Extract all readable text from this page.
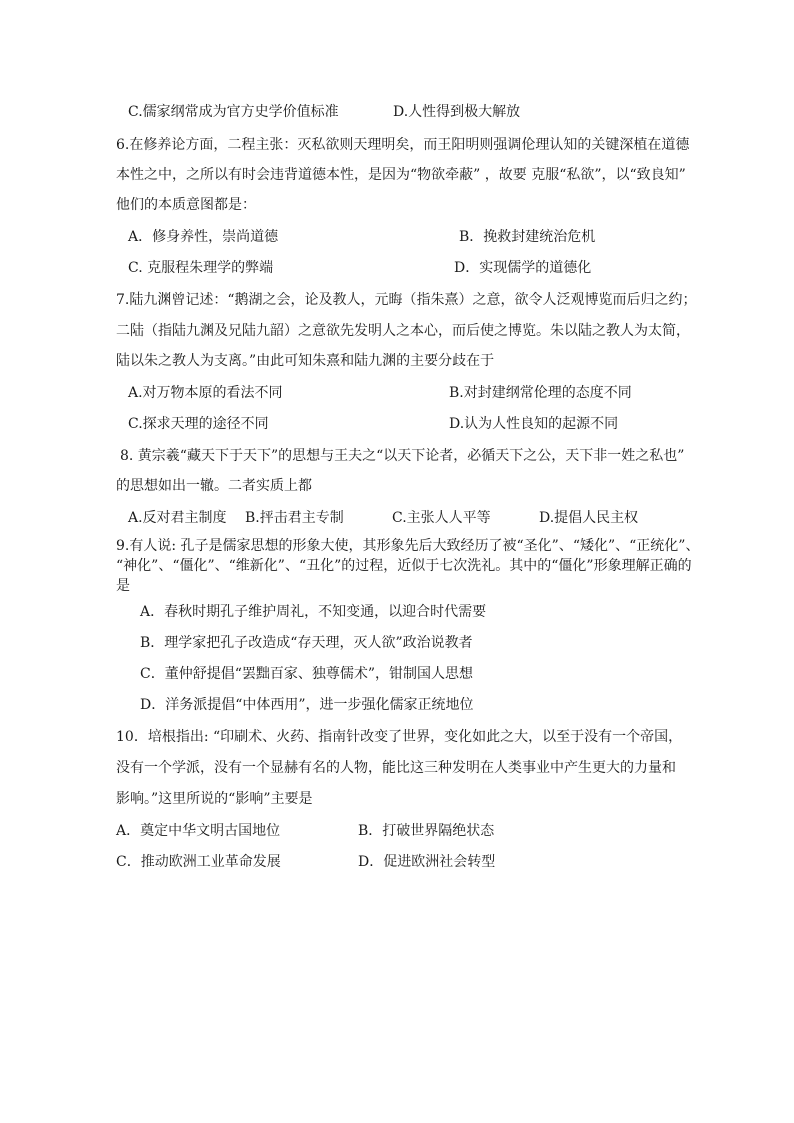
C.儒家纲常成为官方史学价值标准	D.人性得到极大解放
6.在修养论方面，二程主张：灭私欲则天理明矣，而王阳明则强调伦理认知的关键深植在道德
本性之中，之所以有时会违背道德本性，是因为“物欲牵蔽” ，故要 克服“私欲”，以“致良知”
他们的本质意图都是：
A．修身养性，崇尚道德	B．挽救封建统治危机
C. 克服程朱理学的弊端	D．实现儒学的道德化
7.陆九渊曾记述：“鹅湖之会，论及教人，元晦（指朱熹）之意，欲令人泛观博览而后归之约；
二陆（指陆九渊及兄陆九韶）之意欲先发明人之本心，而后使之博览。朱以陆之教人为太简，
陆以朱之教人为支离。”由此可知朱熹和陆九渊的主要分歧在于
A.对万物本原的看法不同	B.对封建纲常伦理的态度不同
C.探求天理的途径不同	D.认为人性良知的起源不同
8. 黄宗羲“藏天下于天下”的思想与王夫之“以天下论者，必循天下之公，天下非一姓之私也”
的思想如出一辙。二者实质上都
A.反对君主制度 B.抨击君主专制	C.主张人人平等	D.提倡人民主权
9.有人说: 孔子是儒家思想的形象大使，其形象先后大致经历了被“圣化”、“矮化”、“正统化”、
“神化”、“僵化”、“维新化”、“丑化”的过程，近似于七次洗礼。其中的“僵化”形象理解正确的
是
A．春秋时期孔子维护周礼，不知变通，以迎合时代需要
B．理学家把孔子改造成“存天理，灭人欲”政治说教者
C．董仲舒提倡“罢黜百家、独尊儒术”，钳制国人思想
D．洋务派提倡“中体西用”，进一步强化儒家正统地位
10．培根指出: “印刷术、火药、指南针改变了世界，变化如此之大，以至于没有一个帝国，
没有一个学派，没有一个显赫有名的人物，能比这三种发明在人类事业中产生更大的力量和
影响。”这里所说的“影响”主要是
A．奠定中华文明古国地位	B．打破世界隔绝状态
C．推动欧洲工业革命发展	D．促进欧洲社会转型
